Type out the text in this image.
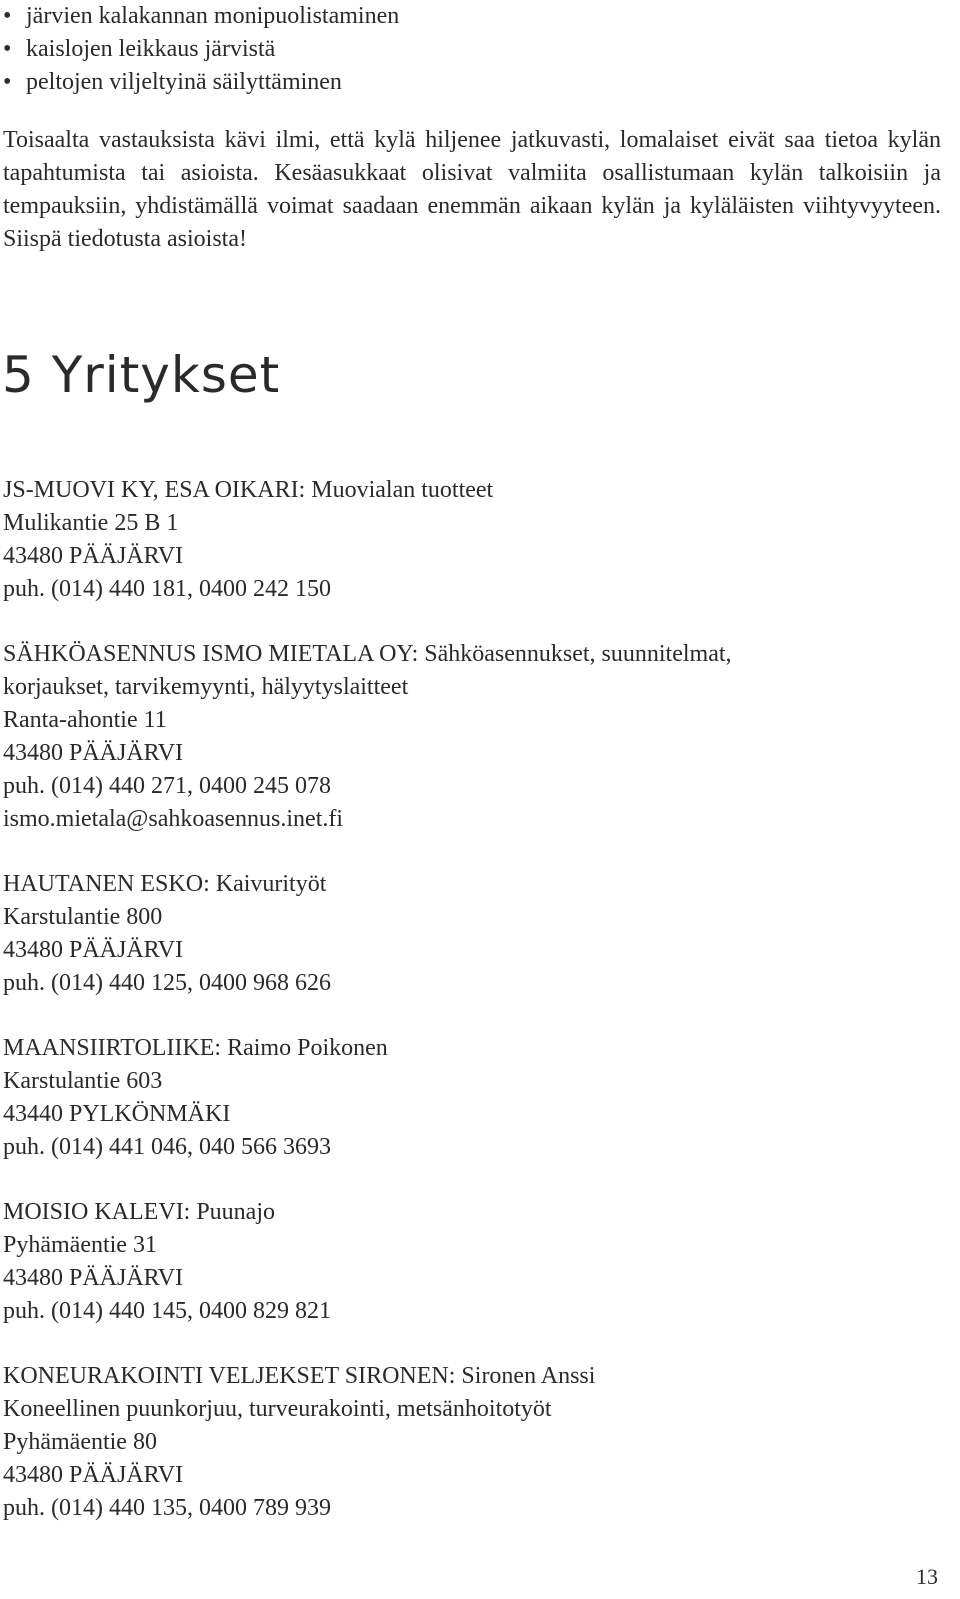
• järvien kalakannan monipuolistaminen
• kaislojen leikkaus järvistä
• peltojen viljeltyinä säilyttäminen

Toisaalta vastauksista kävi ilmi, että kylä hiljenee jatkuvasti, lomalaiset eivät saa tietoa kylän tapahtumista tai asioista. Kesäasukkaat olisivat valmiita osallistumaan kylän talkoisiin ja tempauksiin, yhdistämällä voimat saadaan enemmän aikaan kylän ja kyläläisten viihtyvyyteen. Siispä tiedotusta asioista!

5 Yritykset
JS-MUOVI KY, ESA OIKARI: Muovialan tuotteet
Mulikantie 25 B 1
43480 PÄÄJÄRVI
puh. (014) 440 181, 0400 242 150
SÄHKÖASENNUS ISMO MIETALA OY: Sähköasennukset, suunnitelmat,
korjaukset, tarvikemyynti, hälyytyslaitteet
Ranta-ahontie 11
43480 PÄÄJÄRVI
puh. (014) 440 271, 0400 245 078
ismo.mietala@sahkoasennus.inet.fi
HAUTANEN ESKO: Kaivurityöt
Karstulantie 800
43480 PÄÄJÄRVI
puh. (014) 440 125, 0400 968 626
MAANSIIRTOLIIKE: Raimo Poikonen
Karstulantie 603
43440 PYLKÖNMÄKI
puh. (014) 441 046, 040 566 3693
MOISIO KALEVI: Puunajo
Pyhämäentie 31
43480 PÄÄJÄRVI
puh. (014) 440 145, 0400 829 821
KONEURAKOINTI VELJEKSET SIRONEN: Sironen Anssi
Koneellinen puunkorjuu, turveurakointi, metsänhoitotyöt
Pyhämäentie 80
43480 PÄÄJÄRVI
puh. (014) 440 135, 0400 789 939
13
